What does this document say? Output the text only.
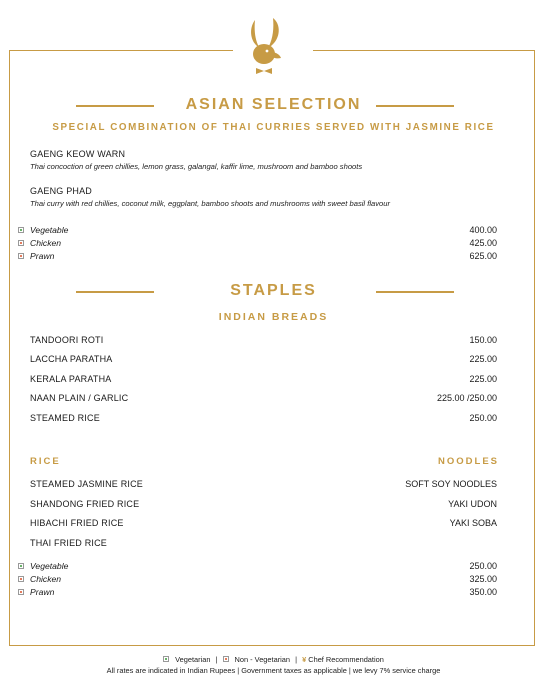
ASIAN SELECTION
SPECIAL COMBINATION OF THAI CURRIES SERVED WITH JASMINE RICE
GAENG KEOW WARN
Thai concoction of green chillies, lemon grass, galangal, kaffir lime, mushroom and bamboo shoots
GAENG PHAD
Thai curry with red chillies, coconut milk, eggplant, bamboo shoots and mushrooms with sweet basil flavour
Vegetable	400.00
Chicken	425.00
Prawn	625.00
STAPLES
INDIAN BREADS
TANDOORI ROTI	150.00
LACCHA PARATHA	225.00
KERALA PARATHA	225.00
NAAN PLAIN / GARLIC	225.00 /250.00
STEAMED RICE	250.00
RICE	NOODLES
STEAMED JASMINE RICE	SOFT SOY NOODLES
SHANDONG FRIED RICE	YAKI UDON
HIBACHI FRIED RICE	YAKI SOBA
THAI FRIED RICE
Vegetable	250.00
Chicken	325.00
Prawn	350.00
Vegetarian | Non - Vegetarian | ¥ Chef Recommendation
All rates are indicated in Indian Rupees | Government taxes as applicable | we levy 7% service charge
